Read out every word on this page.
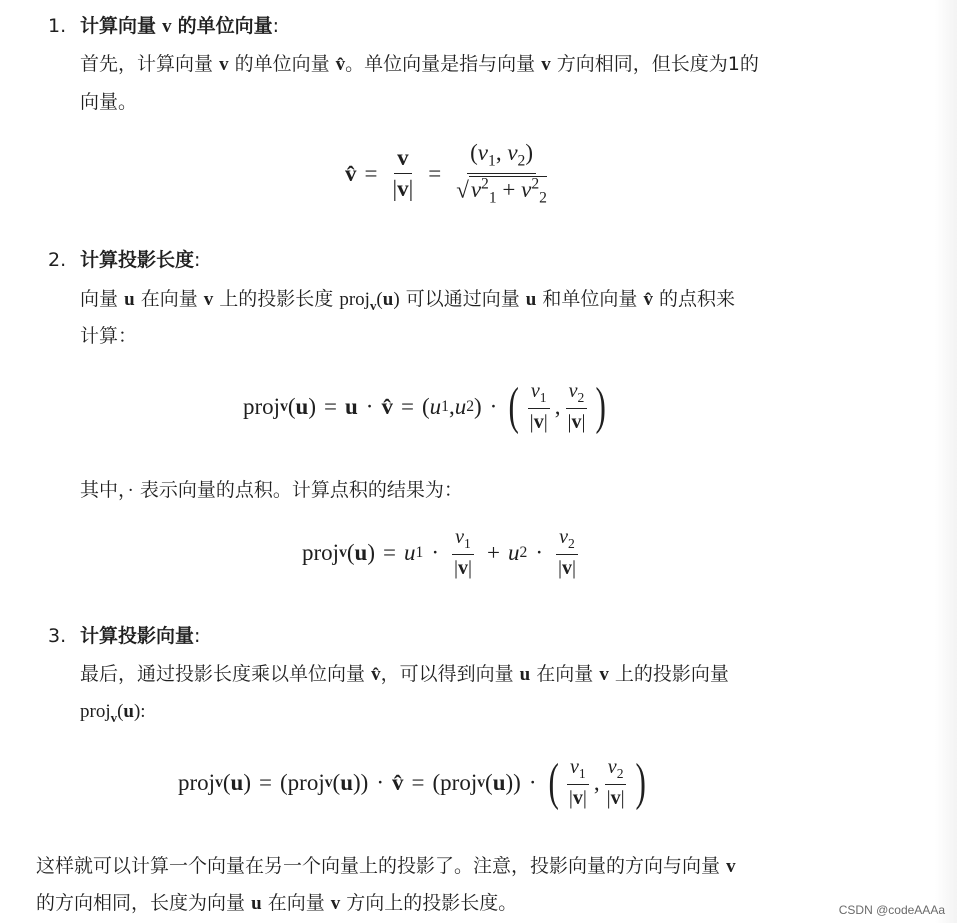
1. 计算向量 v 的单位向量:
首先，计算向量 v 的单位向量 v̂。单位向量是指与向量 v 方向相同，但长度为1的
向量。
v̂ = $\frac{v}{|v|} = \frac{(v_1, v_2)}{√v^2_1 + v^2_2}$
2. 计算投影长度:
向量 u 在向量 v 上的投影长度 proj$_v$(u) 可以通过向量 u 和单位向量 v̂ 的点积来
计算：
proj v ( u ) = u · v̂ = ( u 1 , u 2 ) · ( $\frac{v_1}{|v|}$ , $\frac{v_2}{|v|}$ )
其中，· 表示向量的点积。计算点积的结果为：
proj v ( u ) = u $1 \cdot \frac{v_1}{|v|} + u$ $2 \cdot \frac{v_2}{|v|}$
3. 计算投影向量:
最后，通过投影长度乘以单位向量 v̂，可以得到向量 u 在向量 v 上的投影向量
proj$_v$(u):
proj v ( u ) = ( proj v ( u )) · v̂ = ( proj v ( u )) · ( $\frac{v_1}{|v|}$ , $\frac{v_2}{|v|}$ )
这样就可以计算一个向量在另一个向量上的投影了。注意，投影向量的方向与向量 v
的方向相同，长度为向量 u 在向量 v 方向上的投影长度。	CSDN @codeAAAa
